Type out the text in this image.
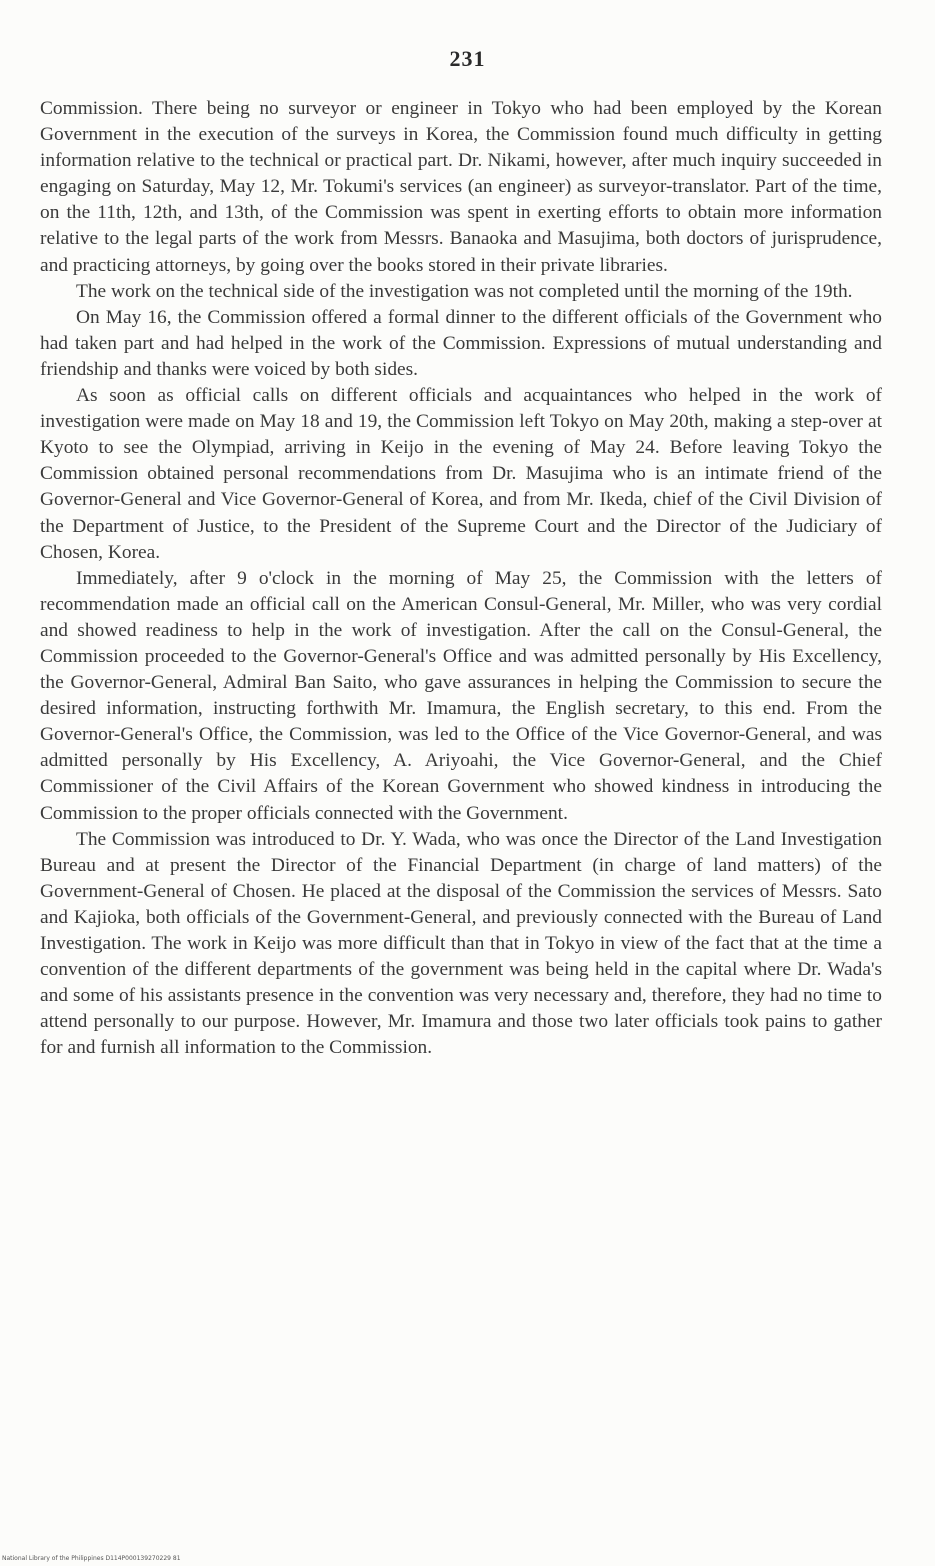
231

Commission. There being no surveyor or engineer in Tokyo who had been employed by the Korean Government in the execution of the surveys in Korea, the Commission found much difficulty in getting information relative to the technical or practical part. Dr. Nikami, however, after much inquiry succeeded in engaging on Saturday, May 12, Mr. Tokumi's services (an engineer) as surveyor-translator. Part of the time, on the 11th, 12th, and 13th, of the Commission was spent in exerting efforts to obtain more information relative to the legal parts of the work from Messrs. Banaoka and Masujima, both doctors of jurisprudence, and practicing attorneys, by going over the books stored in their private libraries.

The work on the technical side of the investigation was not completed until the morning of the 19th.

On May 16, the Commission offered a formal dinner to the different officials of the Government who had taken part and had helped in the work of the Commission. Expressions of mutual understanding and friendship and thanks were voiced by both sides.

As soon as official calls on different officials and acquaintances who helped in the work of investigation were made on May 18 and 19, the Commission left Tokyo on May 20th, making a step-over at Kyoto to see the Olympiad, arriving in Keijo in the evening of May 24. Before leaving Tokyo the Commission obtained personal recommendations from Dr. Masujima who is an intimate friend of the Governor-General and Vice Governor-General of Korea, and from Mr. Ikeda, chief of the Civil Division of the Department of Justice, to the President of the Supreme Court and the Director of the Judiciary of Chosen, Korea.

Immediately, after 9 o'clock in the morning of May 25, the Commission with the letters of recommendation made an official call on the American Consul-General, Mr. Miller, who was very cordial and showed readiness to help in the work of investigation. After the call on the Consul-General, the Commission proceeded to the Governor-General's Office and was admitted personally by His Excellency, the Governor-General, Admiral Ban Saito, who gave assurances in helping the Commission to secure the desired information, instructing forthwith Mr. Imamura, the English secretary, to this end. From the Governor-General's Office, the Commission, was led to the Office of the Vice Governor-General, and was admitted personally by His Excellency, A. Ariyoahi, the Vice Governor-General, and the Chief Commissioner of the Civil Affairs of the Korean Government who showed kindness in introducing the Commission to the proper officials connected with the Government.

The Commission was introduced to Dr. Y. Wada, who was once the Director of the Land Investigation Bureau and at present the Director of the Financial Department (in charge of land matters) of the Government-General of Chosen. He placed at the disposal of the Commission the services of Messrs. Sato and Kajioka, both officials of the Government-General, and previously connected with the Bureau of Land Investigation. The work in Keijo was more difficult than that in Tokyo in view of the fact that at the time a convention of the different departments of the government was being held in the capital where Dr. Wada's and some of his assistants presence in the convention was very necessary and, therefore, they had no time to attend personally to our purpose. However, Mr. Imamura and those two later officials took pains to gather for and furnish all information to the Commission.

National Library of the Philippines D114P000139270229 81
